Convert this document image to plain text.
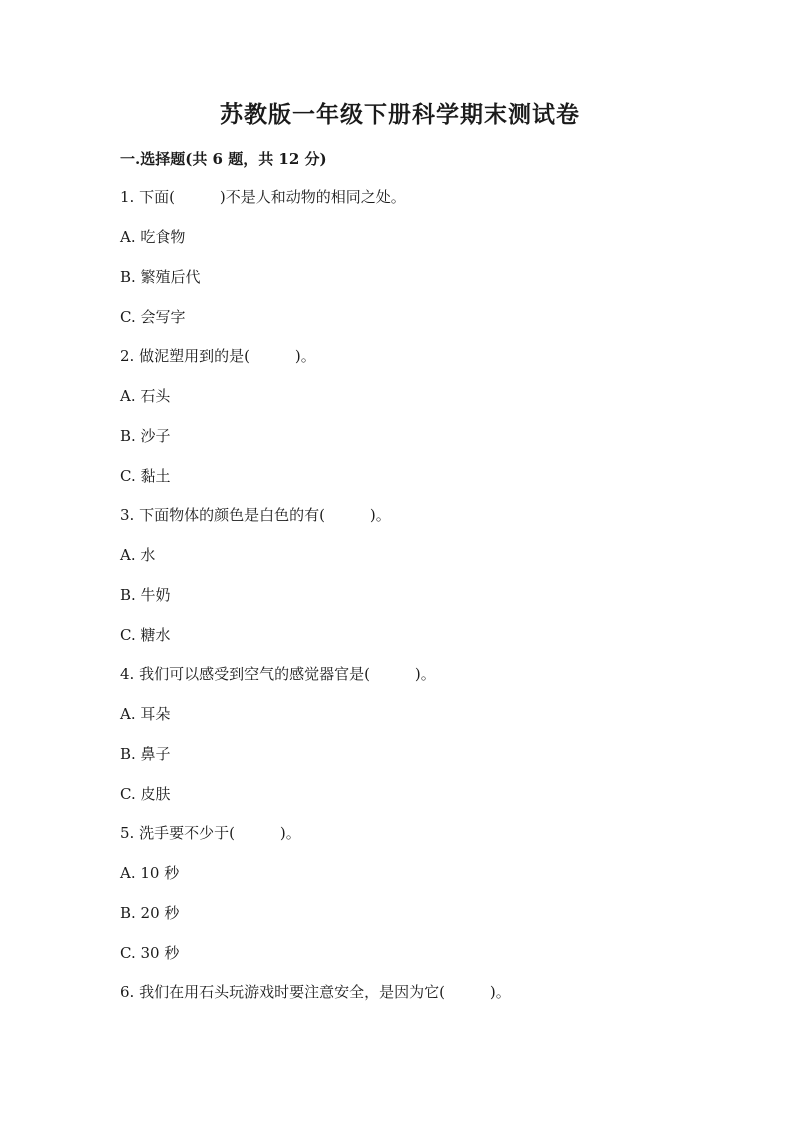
苏教版一年级下册科学期末测试卷
一.选择题(共 6 题，共 12 分)
1. 下面(　　　)不是人和动物的相同之处。
A. 吃食物
B. 繁殖后代
C. 会写字
2. 做泥塑用到的是(　　　)。
A. 石头
B. 沙子
C. 黏土
3. 下面物体的颜色是白色的有(　　　)。
A. 水
B. 牛奶
C. 糖水
4. 我们可以感受到空气的感觉器官是(　　　)。
A. 耳朵
B. 鼻子
C. 皮肤
5. 洗手要不少于(　　　)。
A. 10 秒
B. 20 秒
C. 30 秒
6. 我们在用石头玩游戏时要注意安全，是因为它(　　　)。
